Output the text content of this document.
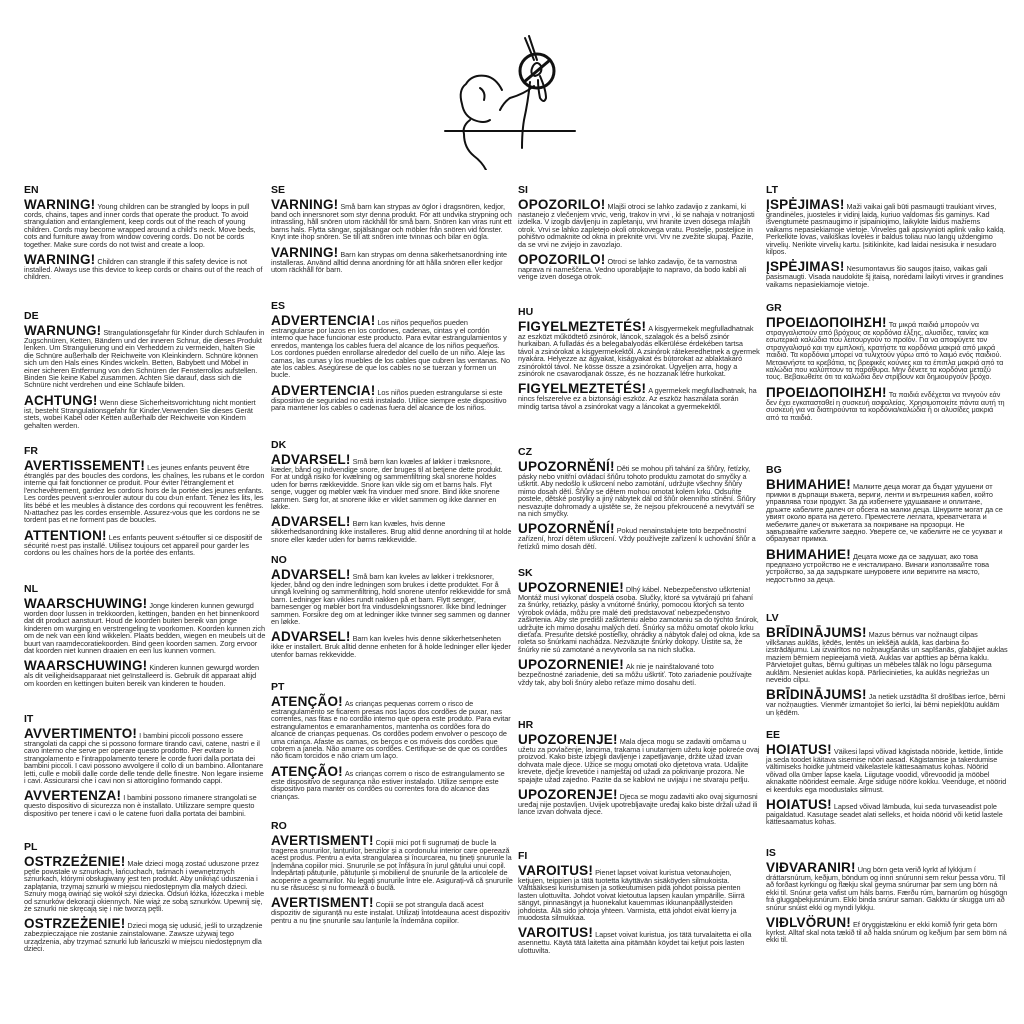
EN
WARNING! Young children can be strangled by loops in pull cords, chains, tapes and inner cords that operate the product. To avoid strangulation and entanglement, keep cords out of the reach of young children. Cords may become wrapped around a child's neck. Move beds, cots and furniture away from window covering cords. Do not be cords together. Make sure cords do not twist and create a loop.
WARNING! Children can strangle if this safety device is not installed. Always use this device to keep cords or chains out of the reach of children.
DE
WARNUNG! Strangulationsgefahr für Kinder durch Schlaufen in Zugschnüren, Ketten, Bändern und der inneren Schnur, die dieses Produkt lenken. Um Strangulierung und ein Verheddern zu vermeiden, halten Sie die Schnüre außerhalb der Reichweite von Kleinkindern. Schnüre können sich um den Hals eines Kindes wickeln. Betten, Babybett und Möbel in einer sicheren Entfernung von den Schnüren der Fensterrollos aufstellen. Binden Sie keine Kabel zusammen. Achten Sie darauf, dass sich die Schnüre nicht verdrehen und eine Schlaufe bilden.
ACHTUNG! Wenn diese Sicherheitsvorrichtung nicht montiert ist, besteht Strangulationsgefahr für Kinder.Verwenden Sie dieses Gerät stets, wobei Kabel oder Ketten außerhalb der Reichweite von Kindern gehalten werden.
FR
AVERTISSEMENT! Les jeunes enfants peuvent être étranglés par des boucles des cordons, les chaînes, les rubans et le cordon interne qui fait fonctionner ce produit. Pour éviter l'étranglement et l'enchevêtrement, gardez les cordons hors de la portée des jeunes enfants. Les cordes peuvent s›enrouler autour du cou d›un enfant. Tenez les lits, les lits bébé et les meubles à distance des cordons qui recouvrent les fenêtres. N›attachez pas les cordes ensemble. Assurez-vous que les cordons ne se tordent pas et ne forment pas de boucles.
ATTENTION! Les enfants peuvent s›étouffer si ce dispositif de sécurité n›est pas installé. Utilisez toujours cet appareil pour garder les cordons ou les chaînes hors de la portée des enfants.
NL
WAARSCHUWING! Jonge kinderen kunnen gewurgd worden door lussen in trekkoorden, kettingen, banden en het binnenkoord dat dit product aanstuurt. Houd de koorden buiten bereik van jonge kinderen om wurging en verstrengeling te voorkomen. Koorden kunnen zich om de nek van een kind wikkelen. Plaats bedden, wiegen en meubels uit de buurt van raamdecoratiekoorden. Bind geen koorden samen. Zorg ervoor dat koorden niet kunnen draaien en een lus kunnen vormen.
WAARSCHUWING! Kinderen kunnen gewurgd worden als dit veiligheidsapparaat niet geïnstalleerd is. Gebruik dit apparaat altijd om koorden en kettingen buiten bereik van kinderen te houden.
IT
AVVERTIMENTO! I bambini piccoli possono essere strangolati da cappi che si possono formare tirando cavi, catene, nastri e il cavo interno che serve per operare questo prodotto. Per evitare lo strangolamento e l'intrappolamento tenere le corde fuori dalla portata dei bambini piccoli. I cavi possono avvolgere il collo di un bambino. Allontanare letti, culle e mobili dalle corde delle tende delle finestre. Non legare insieme i cavi. Assicurarsi che i cavi non si attorciglino formando cappi.
AVVERTENZA! I bambini possono rimanere strangolati se questo dispositivo di sicurezza non è installato. Utilizzare sempre questo dispositivo per tenere i cavi o le catene fuori dalla portata dei bambini.
PL
OSTRZEŻENIE! Małe dzieci mogą zostać uduszone przez pętle powstałe w sznurkach, łańcuchach, taśmach i wewnętrznych sznurkach, którymi obsługiwany jest ten produkt. Aby uniknąć uduszenia i zaplątania, trzymaj sznurki w miejscu niedostępnym dla małych dzieci. Sznury mogą owinąć się wokół szyi dziecka. Odsuń łóżka, łóżeczka i meble od sznurków dekoracji okiennych. Nie wiąż ze sobą sznurków. Upewnij się, że sznurki nie skręcają się i nie tworzą pętli.
OSTRZEŻENIE! Dzieci mogą się udusić, jeśli to urządzenie zabezpieczające nie zostanie zainstalowane. Zawsze używaj tego urządzenia, aby trzymać sznurki lub łańcuszki w miejscu niedostępnym dla dzieci.
SE
VARNING! Små barn kan strypas av öglor i dragsnören, kedjor, band och innersnoret som styr denna produkt. För att undvika strypning och intrassling, håll snören utom räckhåll för små barn. Snören kan viras runt ett barns hals. Flytta sängar, spjälsängar och möbler från snören vid fönster. Knyt inte ihop snören. Se till att snören inte tvinnas och bilar en ögla.
VARNING! Barn kan strypas om denna säkerhetsanordning inte installeras. Använd alltid denna anordning för att hålla snören eller kedjor utom räckhåll för barn.
ES
ADVERTENCIA! Los niños pequeños pueden estrangularse por lazos en los cordones, cadenas, cintas y el cordón interno que hace funcionar este producto. Para evitar estrangulamientos y enredos, mantenga los cables fuera del alcance de los niños pequeños. Los cordones pueden enrollarse alrededor del cuello de un niño. Aleje las camas, las cunas y los muebles de los cables que cubren las ventanas. No ate los cables. Asegúrese de que los cables no se tuerzan y formen un bucle.
ADVERTENCIA! Los niños pueden estrangularse si este dispositivo de seguridad no está instalado. Utilice siempre este dispositivo para mantener los cables o cadenas fuera del alcance de los niños.
DK
ADVARSEL! Små børn kan kvæles af løkker i træksnore, kæder, bånd og indvendige snore, der bruges til at betjene dette produkt. For at undgå risiko for kvælning og sammenfiltring skal snorene holdes uden for børns rækkevidde. Snore kan vikle sig om et barns hals. Flyt senge, vugger og møbler væk fra vinduer med snore. Bind ikke snorene sammen. Sørg for, at snorene ikke er viklet sammen og ikke danner en løkke.
ADVARSEL! Børn kan kvæles, hvis denne sikkerhedsanordning ikke installeres. Brug altid denne anordning til at holde snore eller kæder uden for børns rækkevidde.
NO
ADVARSEL! Små barn kan kveles av løkker i trekksnorer, kjeder, bånd og den indre ledningen som brukes i dette produktet. For å unngå kvelning og sammenfiltring, hold snorene utenfor rekkevidde for små barn. Ledninger kan vikles rundt nakken på et barn. Flytt senger, barnesenger og møbler bort fra vindusdekningssnorer. Ikke bind ledninger sammen. Forsikre deg om at ledninger ikke tvinner seg sammen og danner en løkke.
ADVARSEL! Barn kan kveles hvis denne sikkerhetsenheten ikke er installert. Bruk alltid denne enheten for å holde ledninger eller kjeder utenfor barnas rekkevidde.
PT
ATENÇÃO! As crianças pequenas correm o risco de estrangulamento se ficarem presas nos laços dos cordões de puxar, nas correntes, nas fitas e no cordão interno que opera este produto. Para evitar estrangulamentos e emaranhamentos, mantenha os cordões fora do alcance de crianças pequenas. Os cordões podem envolver o pescoço de uma criança. Afaste as camas, os berços e os móveis dos cordões que cobrem a janela. Não amarre os cordões. Certifique-se de que os cordões não ficam torcidos e não criam um laço.
ATENÇÃO! As crianças correm o risco de estrangulamento se este dispositivo de segurança não estiver instalado. Utilize sempre este dispositivo para manter os cordões ou correntes fora do alcance das crianças.
RO
AVERTISMENT! Copiii mici pot fi sugrumați de bucle la tragerea șnururilor, lanțurilor, benzilor și a cordonului interior care operează acest produs. Pentru a evita strangularea și încurcarea, nu țineți șnururile la îndemâna copiilor mici. Șnururile se pot înfășura în jurul gâtului unui copil. Îndepărtați pătuțurile, pătuțurile și mobilierul de șnururile de la articolele de acoperire a geamurilor. Nu legați șnururile între ele. Asigurați-vă că șnururile nu se răsucesc și nu formează o buclă.
AVERTISMENT! Copiii se pot strangula dacă acest dispozitiv de siguranță nu este instalat. Utilizați întotdeauna acest dispozitiv pentru a nu ține șnururile sau lanțurile la îndemâna copiilor.
SI
OPOZORILO! Mlajši otroci se lahko zadavijo z zankami, ki nastanejo z vlečenjem vrvic, verig, trakov in vrvi , ki se nahaja v notranjosti izdelka. V izogib davljenju in zapletanju, vrvi hranite izven dosega mlajših otrok. Vrvi se lahko zapletejo okoli otrokovega vratu. Postelje, posteljice in pohištvo odmaknite od okna in preknite vrvi. Vrv ne zvežite skupaj. Pazite, da se vrvi ne zvijejo in zavozlajo.
OPOZORILO! Otroci se lahko zadavijo, če ta varnostna naprava ni nameščena. Vedno uporabljajte to napravo, da bodo kabli ali verige izven dosega otrok.
HU
FIGYELMEZTETÉS! A kisgyermekek megfulladhatnak az eszközt működtető zsinórok, láncok, szalagok és a belső zsinór hurkaiban. A fulladás és a belegabalyodás elkerülése érdekében tartsa távol a zsinórokat a kisgyermekektől. A zsinórok rátekeredhetnek a gyermek nyakára. Helyezze az ágyakat, kiságyakat és bútorokat az ablaktakaró zsinóroktól távol. Ne kösse össze a zsinórokat. Ügyeljen arra, hogy a zsinórok ne csavarodjanak össze, és ne hozzanak létre hurkokat.
FIGYELMEZTETÉS! A gyermekek megfulladhatnak, ha nincs felszerelve ez a biztonsági eszköz. Az eszköz használata során mindig tartsa távol a zsinórokat vagy a láncokat a gyermekektől.
CZ
UPOZORNĚNÍ! Děti se mohou při tahání za šňůry, řetízky, pásky nebo vnitřní ovládací šňůru tohoto produktu zamotat do smyčky a uškrtit. Aby nedošlo k uškrcení nebo zamotání, udržujte všechny šňůry mimo dosah dětí. Šňůry se dětem mohou omotat kolem krku. Odsuňte postele, dětské postýlky a jiný nábytek dál od šňůr okenního stínění. Šňůry nesvazujte dohromady a ujistěte se, že nejsou překroucené a nevytváří se na nich smyčky.
UPOZORNĚNÍ! Pokud nenainstalujete toto bezpečnostní zařízení, hrozí dětem uškrcení. Vždy používejte zařízení k uchování šňůr a řetízků mimo dosah dětí.
SK
UPOZORNENIE! Dlhý kábel. Nebezpečenstvo uškrtenia! Montáž musí vykonať dospelá osoba. Slučky, ktoré sa vytvárajú pri ťahaní za šnúrky, retiazky, pásky a vnútorné šnúrky, pomocou ktorých sa tento výrobok ovláda, môžu pre malé deti predstavovať nebezpečenstvo zaškrtenia. Aby ste predišli zaškrteniu alebo zamotaniu sa do týchto šnúrok, udržujte ich mimo dosahu malých detí. Šnúrky sa môžu omotať okolo krku dieťaťa. Presuňte detské postieľky, ohrádky a nábytok ďalej od okna, kde sa roleta so šnúrkami nachádza. Nezväzujte šnúrky dokopy. Uistite sa, že šnúrky nie sú zamotané a nevytvorila sa na nich slučka.
UPOZORNENIE! Ak nie je nainštalované toto bezpečnostné zariadenie, deti sa môžu uškrtiť. Toto zariadenie používajte vždy tak, aby boli šnúry alebo reťaze mimo dosahu detí.
HR
UPOZORENJE! Mala djeca mogu se zadaviti omčama u užetu za povlačenje, lancima, trakama i unutarnjem užetu koje pokreće ovaj proizvod. Kako biste izbjegli davljenje i zapetljavanje, držite užad izvan dohvata male djece. Užice se mogu omotati oko djetetova vrata. Udaljite krevete, dječje krevetiće i namještaj od užadi za pokrivanje prozora. Ne spajajte užad zajedno. Pazite da se kablovi ne uvijaju i ne stvaraju petlju.
UPOZORENJE! Djeca se mogu zadaviti ako ovaj sigurnosni uređaj nije postavljen. Uvijek upotrebljavajte uređaj kako biste držali užad ili lance izvan dohvata djece.
FI
VAROITUS! Pienet lapset voivat kuristua vetonauhojen, ketjujen, teippien ja tätä tuotetta käyttävän sisäköyden silmukoista. Välttääksesi kuristumisen ja sotkeutumisen pidä johdot poissa pienten lasten ulottuvilta. Johdot voivat kietoutua lapsen kaulan ympärille. Siirrä sängyt, pinnasängyt ja huonekalut kauemmas ikkunanpäällysteiden johdoista. Älä sido johtoja yhteen. Varmista, että johdot eivät kierry ja muodosta silmukkaa.
VAROITUS! Lapset voivat kuristua, jos tätä turvalaitetta ei olla asennettu. Käytä tätä laitetta aina pitämään köydet tai ketjut pois lasten ulottuvilta.
LT
ĮSPĖJIMAS! Maži vaikai gali būti pasmaugti traukiant virves, grandinėles, juosteles ir vidinį laidą, kuriuo valdomas šis gaminys. Kad išvengtumėte pasmaugimo ir įsipainiojimo, laikykite laidus mažiems vaikams nepasiekiamoje vietoje. Virvelės gali apsivynioti aplink vaiko kaklą. Perkelkite lovas, vaikiškas lovelės ir baldus toliau nuo langų uždengimo virvelių. Nerikite virvelių kartu. Įsitikinkite, kad laidai nesisuka ir nesudaro kilpos.
ĮSPĖJIMAS! Nesumontavus šio saugos įtaiso, vaikas gali pasismaugti. Visada naudokite šį įtaisą, norėdami laikyti virves ir grandines vaikams nepasiekiamoje vietoje.
GR
ΠΡΟΕΙΔΟΠΟΙΗΣΗ! Τα μικρά παιδιά μπορούν να στραγγαλιστούν από βρόχους σε κορδόνια έλξης, αλυσίδες, ταινίες και εσωτερικά καλώδια που λειτουργούν το προϊόν. Για να αποφύγετε τον στραγγαλισμό και την εμπλοκή, κρατήστε τα κορδόνια μακριά από μικρά παιδιά. Τα κορδόνια μπορεί να τυλιχτούν γύρω από το λαιμό ενός παιδιού. Μετακινήστε τα κρεβάτια, τις βρεφικές κούνιες και τα έπιπλα μακριά από τα καλώδια που καλύπτουν τα παράθυρα. Μην δένετε τα κορδόνια μεταξύ τους. Βεβαιωθείτε ότι τα καλώδια δεν στρίβουν και δημιουργούν βρόχο.
ΠΡΟΕΙΔΟΠΟΙΗΣΗ! Τα παιδιά ενδέχεται να πνιγούν εάν δεν έχει εγκατασταθεί η συσκευή ασφαλείας. Χρησιμοποιείτε πάντα αυτή τη συσκευή για να διατηρούνται τα κορδόνια/καλώδια ή οι αλυσίδες μακριά από τα παιδιά.
BG
ВНИМАНИЕ! Малките деца могат да бъдат удушени от примки в дърпащи въжета, вериги, ленти и вътрешния кабел, който управлява този продукт. За да избегнете удушаване и оплитане, дръжте кабелите далеч от обсега на малки деца. Шнурите могат да се увият около врата на детето. Преместете леглата, креватчетата и мебелите далеч от въжетата за покриване на прозорци. Не завързвайте кабелите заедно. Уверете се, че кабелите не се усукват и образуват примка.
ВНИМАНИЕ! Децата може да се задушат, ако това предпазно устройство не е инсталирано. Винаги използвайте това устройство, за да задържате шнуровете или веригите на място, недостъпно за деца.
LV
BRĪDINĀJUMS! Mazus bērnus var nožnaugt cilpas vilkšanas auklās, ķēdēs, lentēs un iekšējā auklā, kas darbina šo izstrādājumu. Lai izvairītos no nožņaugšanās un sapīšanās, glabājiet auklas maziem bērniem nepieejamā vietā. Auklas var aptīties ap bērna kaklu. Pārvietojiet gultas, bērnu gultiņas un mēbeles tālāk no logu pārseguma auklām. Nesieniet auklas kopā. Pārliecinieties, ka auklās negriežas un neveido cilpu.
BRĪDINĀJUMS! Ja netiek uzstādīta šī drošības ierīce, bērni var nožņaugties. Vienmēr izmantojiet šo ierīci, lai bērni nepiekļūtu auklām un ķēdēm.
EE
HOIATUS! Väikesi lapsi võivad kägistada nööride, kettide, lintide ja seda toodet käitava sisemise nööri aasad. Kägistamise ja takerdumise vältimiseks hoidke juhtmeid väikelastele kättesaamatus kohas. Nöörid võivad olla ümber lapse kaela. Liigutage voodid, võrevoodid ja mööbel aknakatte nööridest eemale. Ärge siduge nööre kokku. Veenduge, et nöörid ei keerduks ega moodustaks silmust.
HOIATUS! Lapsed võivad lämbuda, kui seda turvaseadist pole paigaldatud. Kasutage seadet alati selleks, et hoida nöörid või ketid lastele kättesaamatus kohas.
IS
VIÐVARANIR! Ung börn geta verið kyrkt af lykkjum í dráttarsnúrum, keðjum, böndum og innri snúrunni sem rekur þessa vöru. Til að forðast kyrkingu og flækju skal geyma snúrurnar þar sem ung börn ná ekki til. Snúrur geta vafist um háls barns. Færðu rúm, barnarúm og húsgögn frá gluggaþekjusnúrum. Ekki binda snúrur saman. Gakktu úr skugga um að snúrur snúist ekki og myndi lykkju.
VIÐLVÖRUN! Ef öryggistækinu er ekki komið fyrir geta börn kyrkst. Alltaf skal nota tækið til að halda snúrum og keðjum þar sem börn ná ekki til.
